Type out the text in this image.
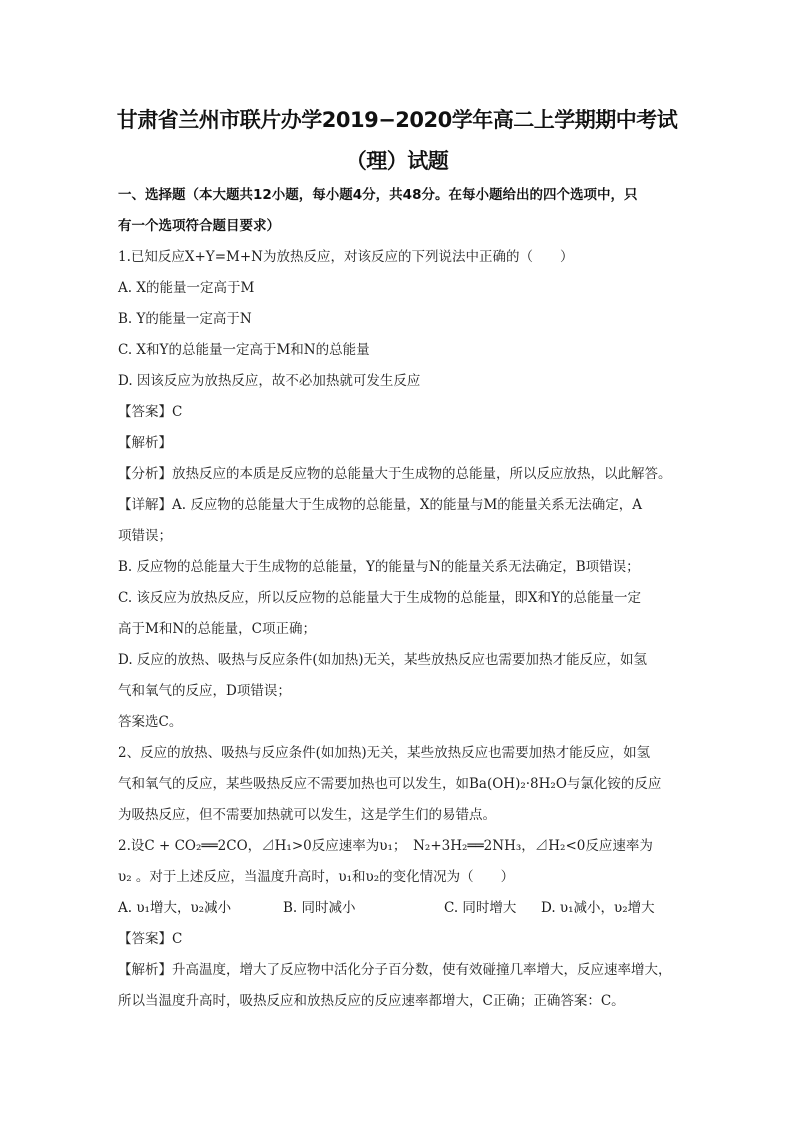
甘肃省兰州市联片办学2019−2020学年高二上学期期中考试
（理）试题
一、选择题（本大题共12小题，每小题4分，共48分。在每小题给出的四个选项中，只
有一个选项符合题目要求）
1.已知反应X+Y=M+N为放热反应，对该反应的下列说法中正确的（　　）
A. X的能量一定高于M
B. Y的能量一定高于N
C. X和Y的总能量一定高于M和N的总能量
D. 因该反应为放热反应，故不必加热就可发生反应
【答案】C
【解析】
【分析】放热反应的本质是反应物的总能量大于生成物的总能量，所以反应放热，以此解答。
【详解】A. 反应物的总能量大于生成物的总能量，X的能量与M的能量关系无法确定，A
项错误；
B. 反应物的总能量大于生成物的总能量，Y的能量与N的能量关系无法确定，B项错误；
C. 该反应为放热反应，所以反应物的总能量大于生成物的总能量，即X和Y的总能量一定
高于M和N的总能量，C项正确；
D. 反应的放热、吸热与反应条件(如加热)无关，某些放热反应也需要加热才能反应，如氢
气和氧气的反应，D项错误；
答案选C。
2、反应的放热、吸热与反应条件(如加热)无关，某些放热反应也需要加热才能反应，如氢
气和氧气的反应，某些吸热反应不需要加热也可以发生，如Ba(OH)₂·8H₂O与氯化铵的反应
为吸热反应，但不需要加热就可以发生，这是学生们的易错点。
2.设C + CO₂══2CO，⊿H₁>0反应速率为υ₁；　N₂+3H₂══2NH₃，⊿H₂<0反应速率为
υ₂ 。对于上述反应，当温度升高时，υ₁和υ₂的变化情况为（　　）
A. υ₁增大，υ₂减小	B. 同时减小	C. 同时增大 D. υ₁减小，υ₂增大
【答案】C
【解析】升高温度，增大了反应物中活化分子百分数，使有效碰撞几率增大，反应速率增大，
所以当温度升高时，吸热反应和放热反应的反应速率都增大，C正确；正确答案：C。
